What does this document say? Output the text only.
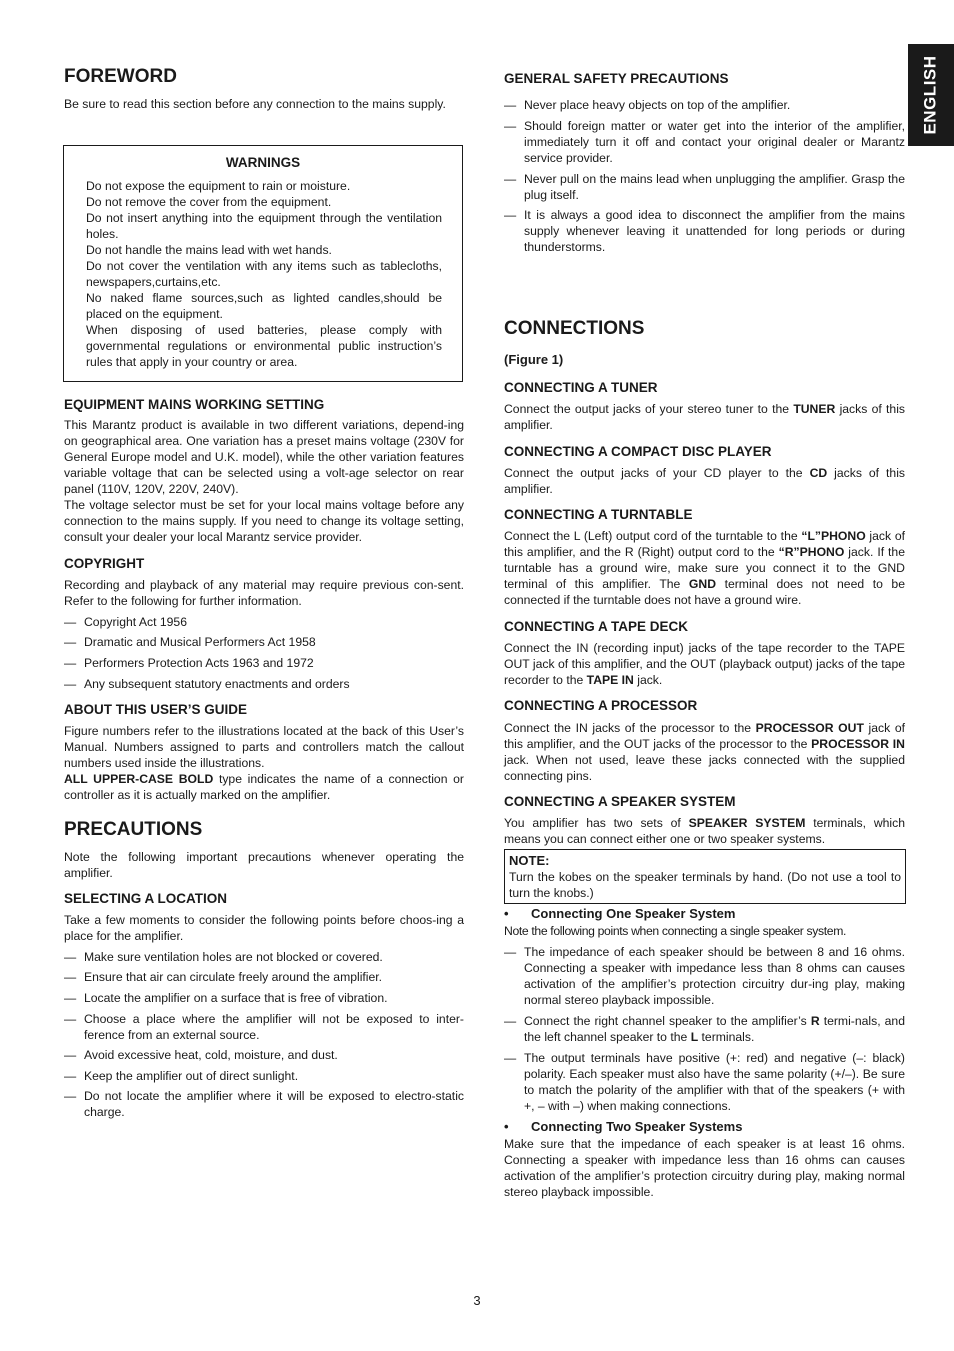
ENGLISH
FOREWORD

Be sure to read this section before any connection to the mains supply.

WARNINGS
Do not expose the equipment to rain or moisture.
Do not remove the cover from the equipment.
Do not insert anything into the equipment through the ventilation holes.
Do not handle the mains lead with wet hands.
Do not cover the ventilation with any items such as tablecloths, newspapers,curtains,etc.
No naked flame sources,such as lighted candles,should be placed on the equipment.
When disposing of used batteries, please comply with governmental regulations or environmental public instruction’s rules that apply in your country or area.
EQUIPMENT MAINS WORKING SETTING

This Marantz product is available in two different variations, depend-ing on geographical area. One variation has a preset mains voltage (230V for General Europe model and U.K. model), while the other variation features variable voltage that can be selected using a volt-age selector on rear panel (110V, 120V, 220V, 240V).

The voltage selector must be set for your local mains voltage before any connection to the mains supply. If you need to change its voltage setting, consult your dealer your local Marantz service provider.

COPYRIGHT

Recording and playback of any material may require previous con-sent. Refer to the following for further information.

— Copyright Act 1956
— Dramatic and Musical Performers Act 1958
— Performers Protection Acts 1963 and 1972
— Any subsequent statutory enactments and orders
ABOUT THIS USER’S GUIDE

Figure numbers refer to the illustrations located at the back of this User’s Manual. Numbers assigned to parts and controllers match the callout numbers used inside the illustrations.

ALL UPPER-CASE BOLD type indicates the name of a connection or controller as it is actually marked on the amplifier.

PRECAUTIONS

Note the following important precautions whenever operating the amplifier.

SELECTING A LOCATION

Take a few moments to consider the following points before choos-ing a place for the amplifier.

— Make sure ventilation holes are not blocked or covered.
— Ensure that air can circulate freely around the amplifier.
— Locate the amplifier on a surface that is free of vibration.
— Choose a place where the amplifier will not be exposed to inter-ference from an external source.
— Avoid excessive heat, cold, moisture, and dust.
— Keep the amplifier out of direct sunlight.
— Do not locate the amplifier where it will be exposed to electro-static charge.
GENERAL SAFETY PRECAUTIONS
— Never place heavy objects on top of the amplifier.
— Should foreign matter or water get into the interior of the amplifier, immediately turn it off and contact your original dealer or Marantz service provider.
— Never pull on the mains lead when unplugging the amplifier. Grasp the plug itself.
— It is always a good idea to disconnect the amplifier from the mains supply whenever leaving it unattended for long periods or during thunderstorms.
CONNECTIONS
(Figure 1)
CONNECTING A TUNER

Connect the output jacks of your stereo tuner to the TUNER jacks of this amplifier.

CONNECTING A COMPACT DISC PLAYER

Connect the output jacks of your CD player to the CD jacks of this amplifier.

CONNECTING A TURNTABLE

Connect the L (Left) output cord of the turntable to the “L”PHONO jack of this amplifier, and the R (Right) output cord to the “R”PHONO jack. If the turntable has a ground wire, make sure you connect it to the GND terminal of this amplifier. The GND terminal does not need to be connected if the turntable does not have a ground wire.

CONNECTING A TAPE DECK

Connect the IN (recording input) jacks of the tape recorder to the TAPE OUT jack of this amplifier, and the OUT (playback output) jacks of the tape recorder to the TAPE IN jack.

CONNECTING A PROCESSOR

Connect the IN jacks of the processor to the PROCESSOR OUT jack of this amplifier, and the OUT jacks of the processor to the PROCESSOR IN jack. When not used, leave these jacks connected with the supplied connecting pins.

CONNECTING A SPEAKER SYSTEM

You amplifier has two sets of SPEAKER SYSTEM terminals, which means you can connect either one or two speaker systems.

NOTE:
Turn the kobes on the speaker terminals by hand. (Do not use a tool to turn the knobs.)
• Connecting One Speaker System

Note the following points when connecting a single speaker system.

— The impedance of each speaker should be between 8 and 16 ohms. Connecting a speaker with impedance less than 8 ohms can causes activation of the amplifier’s protection circuitry dur-ing play, making normal stereo playback impossible.
— Connect the right channel speaker to the amplifier’s R termi-nals, and the left channel speaker to the L terminals.
— The output terminals have positive (+: red) and negative (–: black) polarity. Each speaker must also have the same polarity (+/–). Be sure to match the polarity of the amplifier with that of the speakers (+ with +, – with –) when making connections.
• Connecting Two Speaker Systems

Make sure that the impedance of each speaker is at least 16 ohms. Connecting a speaker with impedance less than 16 ohms can causes activation of the amplifier’s protection circuitry during play, making normal stereo playback impossible.

3
